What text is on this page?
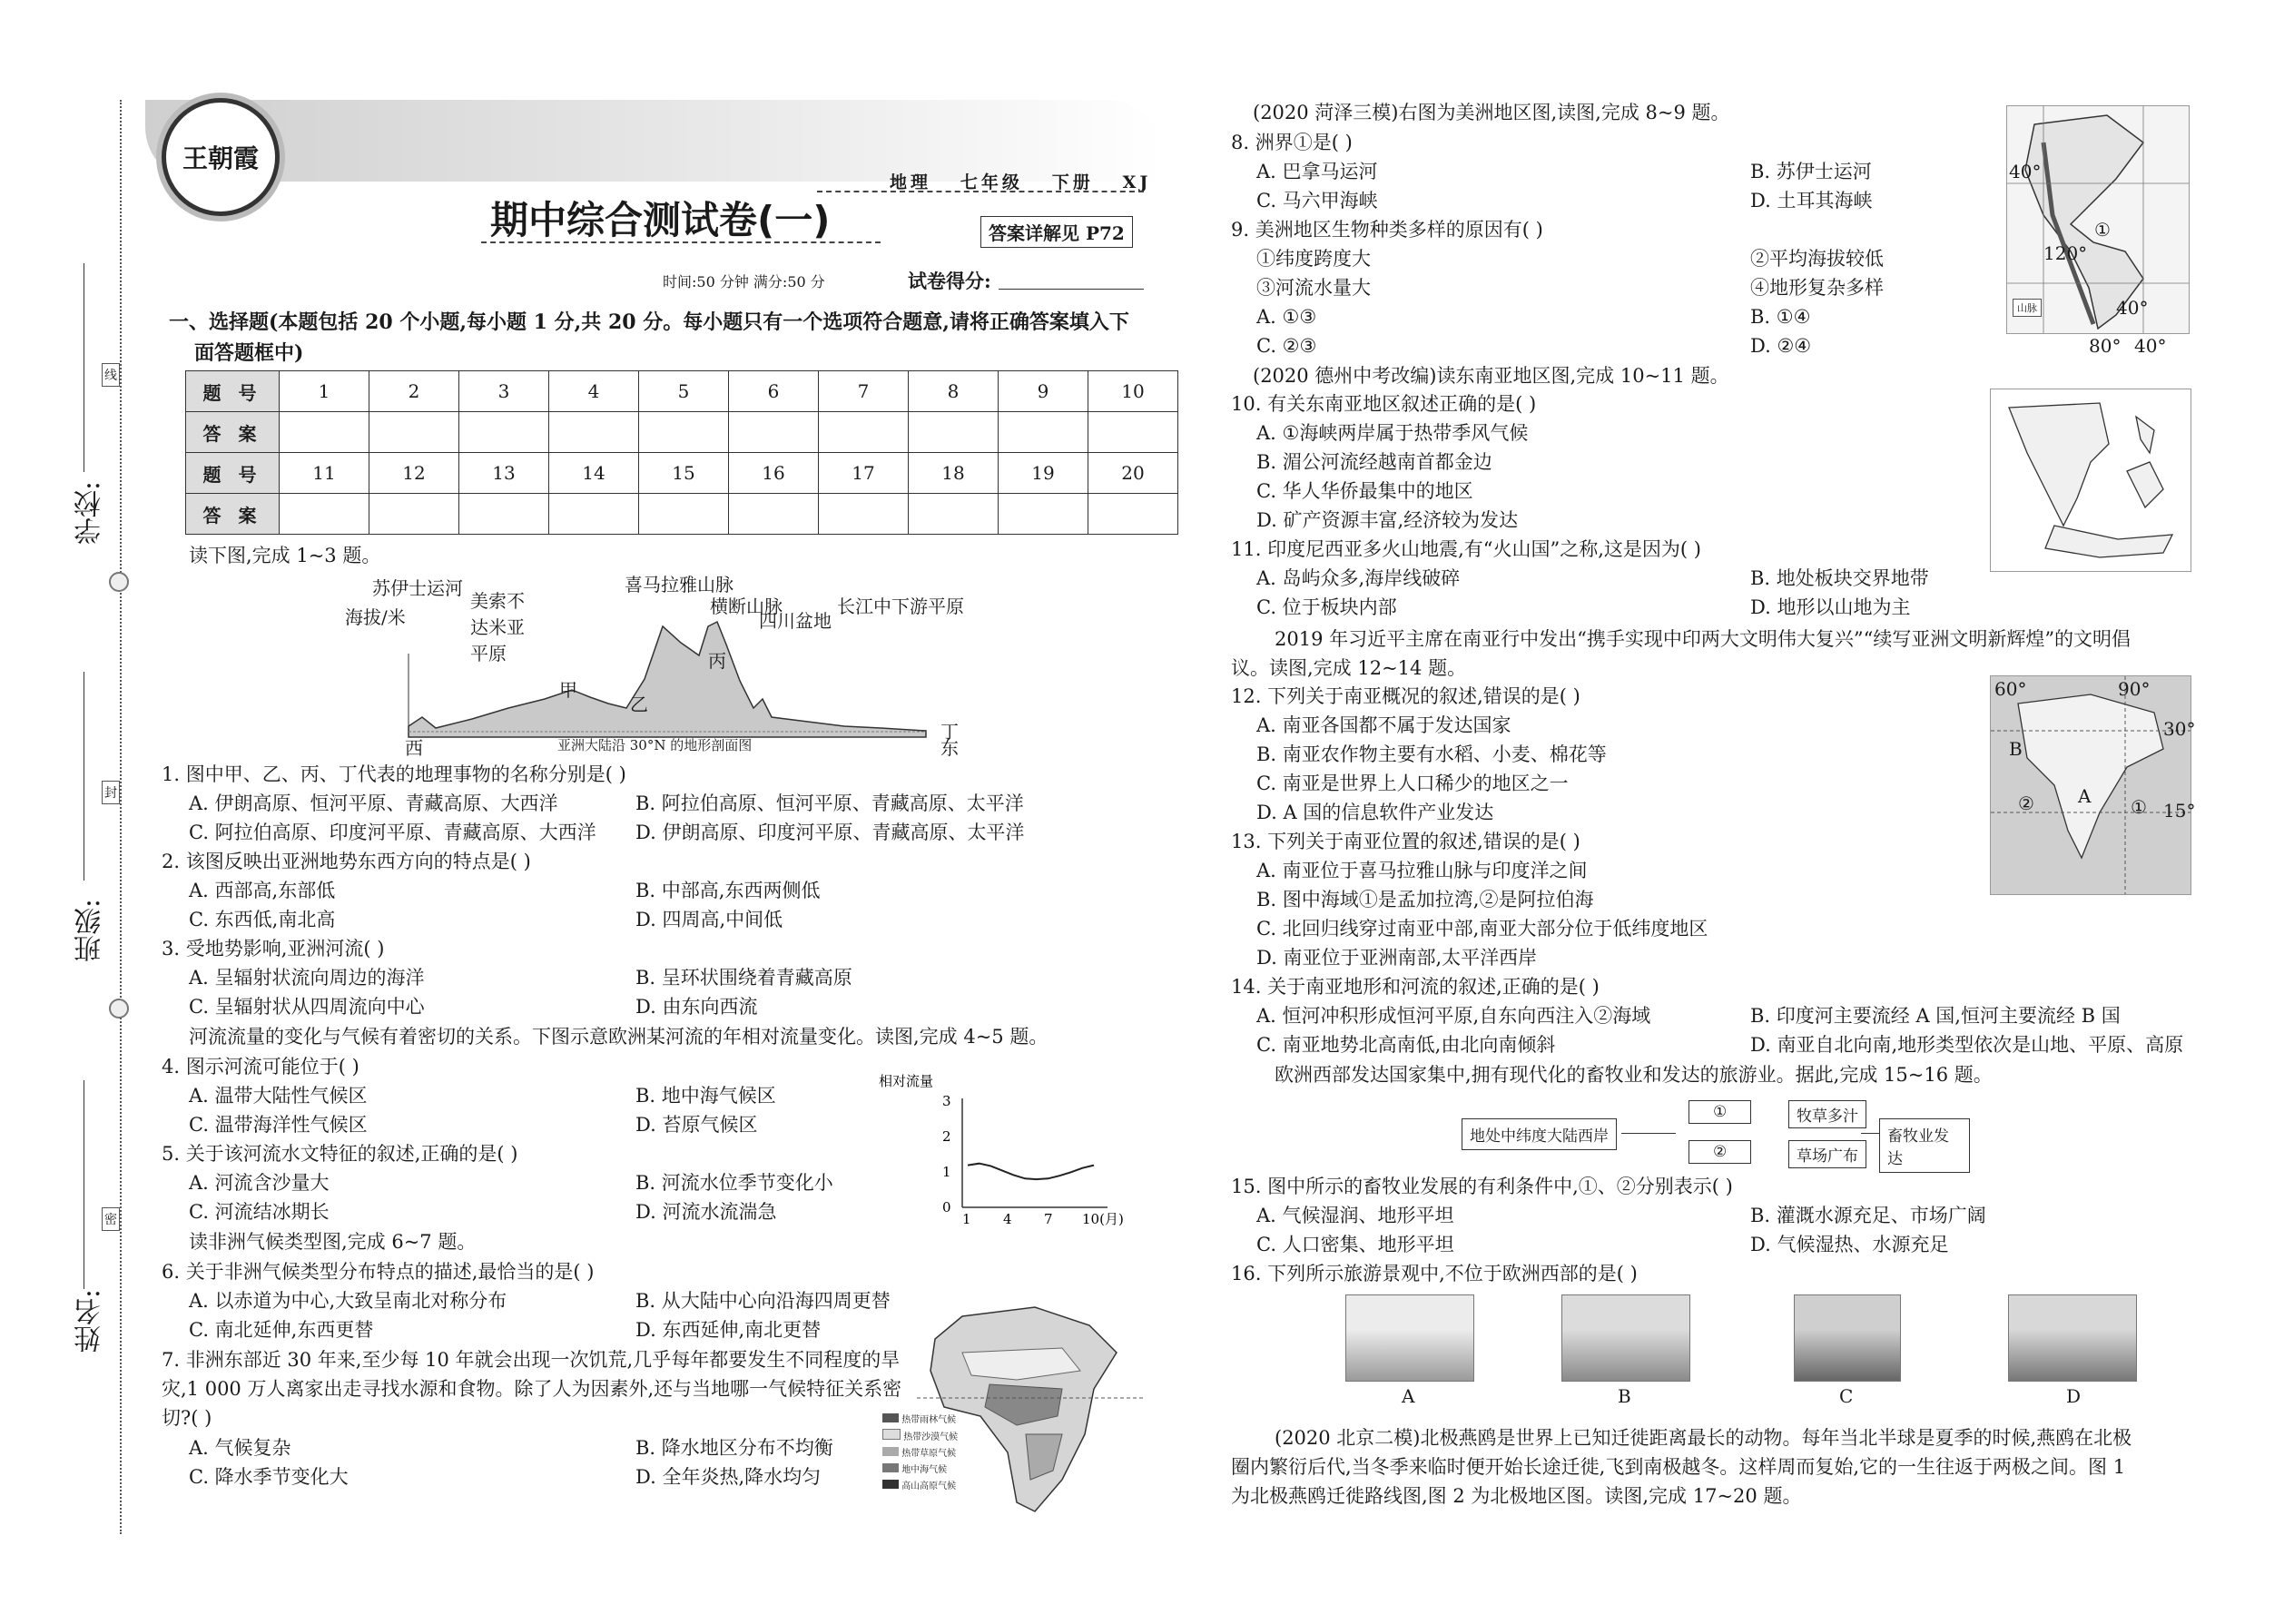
学校:
班级:
姓名:
线
封
密
王朝霞
地理 七年级 下册 XJ
期中综合测试卷(一)	答案详解见 P72
时间:50 分钟 满分:50 分	试卷得分:
一、选择题(本题包括 20 个小题,每小题 1 分,共 20 分。每小题只有一个选项符合题意,请将正确答案填入下
面答题框中)
题 号	1	2	3	4	5	6	7	8	9	10
答 案										
题 号	11	12	13	14	15	16	17	18	19	20
答 案										
读下图,完成 1~3 题。
苏伊士运河
美索不达米亚平原
喜马拉雅山脉
横断山脉
四川盆地
长江中下游平原
海拔/米
甲
乙
丙
丁
西	东
亚洲大陆沿 30°N 的地形剖面图
1. 图中甲、乙、丙、丁代表的地理事物的名称分别是( )
A. 伊朗高原、恒河平原、青藏高原、大西洋	B. 阿拉伯高原、恒河平原、青藏高原、太平洋
C. 阿拉伯高原、印度河平原、青藏高原、大西洋 D. 伊朗高原、印度河平原、青藏高原、太平洋
2. 该图反映出亚洲地势东西方向的特点是( )
A. 西部高,东部低	B. 中部高,东西两侧低
C. 东西低,南北高	D. 四周高,中间低
3. 受地势影响,亚洲河流( )
A. 呈辐射状流向周边的海洋	B. 呈环状围绕着青藏高原
C. 呈辐射状从四周流向中心	D. 由东向西流
河流流量的变化与气候有着密切的关系。下图示意欧洲某河流的年相对流量变化。读图,完成 4~5 题。
4. 图示河流可能位于( )
A. 温带大陆性气候区	B. 地中海气候区
C. 温带海洋性气候区	D. 苔原气候区
5. 关于该河流水文特征的叙述,正确的是( )
A. 河流含沙量大	B. 河流水位季节变化小
C. 河流结冰期长	D. 河流水流湍急
相对流量
0
1
2
3
1 4 7 10(月)
读非洲气候类型图,完成 6~7 题。
6. 关于非洲气候类型分布特点的描述,最恰当的是( )
A. 以赤道为中心,大致呈南北对称分布	B. 从大陆中心向沿海四周更替
C. 南北延伸,东西更替	D. 东西延伸,南北更替
7. 非洲东部近 30 年来,至少每 10 年就会出现一次饥荒,几乎每年都要发生不同程度的旱灾,1 000 万人离家出走寻找水源和食物。除了人为因素外,还与当地哪一气候特征关系密切?( )
A. 气候复杂	B. 降水地区分布不均衡
C. 降水季节变化大	D. 全年炎热,降水均匀
热带雨林气候
热带沙漠气候
热带草原气候
地中海气候
高山高原气候
(2020 菏泽三模)右图为美洲地区图,读图,完成 8~9 题。
8. 洲界①是( )
A. 巴拿马运河	B. 苏伊士运河
C. 马六甲海峡	D. 土耳其海峡
9. 美洲地区生物种类多样的原因有( )
①纬度跨度大	②平均海拔较低
③河流水量大	④地形复杂多样
A. ①③	B. ①④
C. ②③	D. ②④
40°
120°
40°
80° 40°
①
山脉
(2020 德州中考改编)读东南亚地区图,完成 10~11 题。
10. 有关东南亚地区叙述正确的是( )
A. ①海峡两岸属于热带季风气候
B. 湄公河流经越南首都金边
C. 华人华侨最集中的地区
D. 矿产资源丰富,经济较为发达
11. 印度尼西亚多火山地震,有“火山国”之称,这是因为( )
A. 岛屿众多,海岸线破碎	B. 地处板块交界地带
C. 位于板块内部	D. 地形以山地为主
2019 年习近平主席在南亚行中发出“携手实现中印两大文明伟大复兴”“续写亚洲文明新辉煌”的文明倡
议。读图,完成 12~14 题。
12. 下列关于南亚概况的叙述,错误的是( )
A. 南亚各国都不属于发达国家
B. 南亚农作物主要有水稻、小麦、棉花等
C. 南亚是世界上人口稀少的地区之一
D. A 国的信息软件产业发达
60°	90°
30°
15°
A
B
①
②
13. 下列关于南亚位置的叙述,错误的是( )
A. 南亚位于喜马拉雅山脉与印度洋之间
B. 图中海域①是孟加拉湾,②是阿拉伯海
C. 北回归线穿过南亚中部,南亚大部分位于低纬度地区
D. 南亚位于亚洲南部,太平洋西岸
14. 关于南亚地形和河流的叙述,正确的是( )
A. 恒河冲积形成恒河平原,自东向西注入②海域	B. 印度河主要流经 A 国,恒河主要流经 B 国
C. 南亚地势北高南低,由北向南倾斜	D. 南亚自北向南,地形类型依次是山地、平原、高原
欧洲西部发达国家集中,拥有现代化的畜牧业和发达的旅游业。据此,完成 15~16 题。
地处中纬度大陆西岸
①
②
牧草多汁
草场广布
畜牧业发达
15. 图中所示的畜牧业发展的有利条件中,①、②分别表示( )
A. 气候湿润、地形平坦	B. 灌溉水源充足、市场广阔
C. 人口密集、地形平坦	D. 气候湿热、水源充足
16. 下列所示旅游景观中,不位于欧洲西部的是( )
A	B	C	D
(2020 北京二模)北极燕鸥是世界上已知迁徙距离最长的动物。每年当北半球是夏季的时候,燕鸥在北极
圈内繁衍后代,当冬季来临时便开始长途迁徙,飞到南极越冬。这样周而复始,它的一生往返于两极之间。图 1
为北极燕鸥迁徙路线图,图 2 为北极地区图。读图,完成 17~20 题。
